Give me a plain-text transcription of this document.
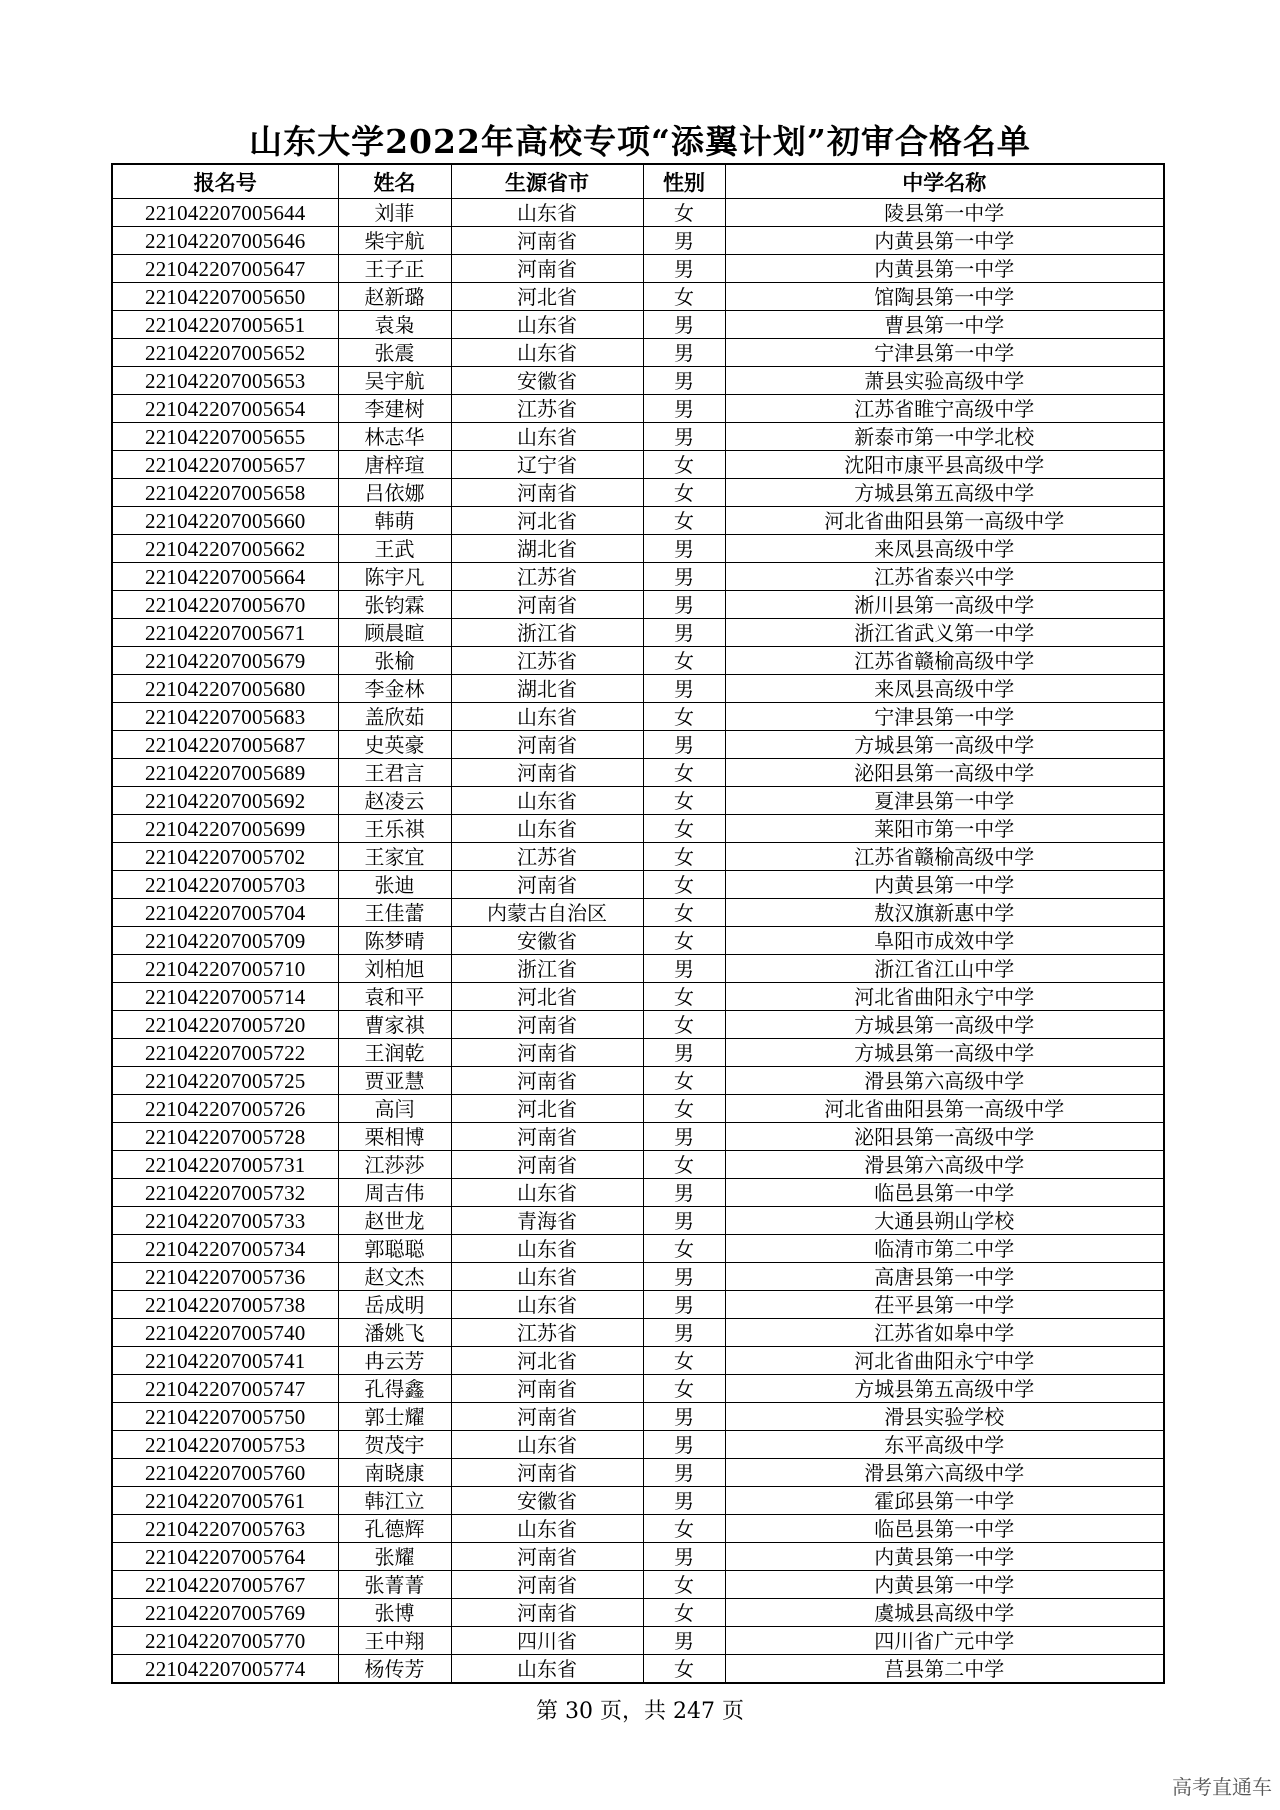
山东大学2022年高校专项“添翼计划”初审合格名单
报名号	姓名	生源省市	性别	中学名称
221042207005644	刘菲	山东省	女	陵县第一中学
221042207005646	柴宇航	河南省	男	内黄县第一中学
221042207005647	王子正	河南省	男	内黄县第一中学
221042207005650	赵新璐	河北省	女	馆陶县第一中学
221042207005651	袁枭	山东省	男	曹县第一中学
221042207005652	张震	山东省	男	宁津县第一中学
221042207005653	吴宇航	安徽省	男	萧县实验高级中学
221042207005654	李建树	江苏省	男	江苏省睢宁高级中学
221042207005655	林志华	山东省	男	新泰市第一中学北校
221042207005657	唐梓瑄	辽宁省	女	沈阳市康平县高级中学
221042207005658	吕依娜	河南省	女	方城县第五高级中学
221042207005660	韩萌	河北省	女	河北省曲阳县第一高级中学
221042207005662	王武	湖北省	男	来凤县高级中学
221042207005664	陈宇凡	江苏省	男	江苏省泰兴中学
221042207005670	张钧霖	河南省	男	淅川县第一高级中学
221042207005671	顾晨暄	浙江省	男	浙江省武义第一中学
221042207005679	张榆	江苏省	女	江苏省赣榆高级中学
221042207005680	李金林	湖北省	男	来凤县高级中学
221042207005683	盖欣茹	山东省	女	宁津县第一中学
221042207005687	史英豪	河南省	男	方城县第一高级中学
221042207005689	王君言	河南省	女	泌阳县第一高级中学
221042207005692	赵凌云	山东省	女	夏津县第一中学
221042207005699	王乐祺	山东省	女	莱阳市第一中学
221042207005702	王家宜	江苏省	女	江苏省赣榆高级中学
221042207005703	张迪	河南省	女	内黄县第一中学
221042207005704	王佳蕾	内蒙古自治区	女	敖汉旗新惠中学
221042207005709	陈梦晴	安徽省	女	阜阳市成效中学
221042207005710	刘柏旭	浙江省	男	浙江省江山中学
221042207005714	袁和平	河北省	女	河北省曲阳永宁中学
221042207005720	曹家祺	河南省	女	方城县第一高级中学
221042207005722	王润乾	河南省	男	方城县第一高级中学
221042207005725	贾亚慧	河南省	女	滑县第六高级中学
221042207005726	高闫	河北省	女	河北省曲阳县第一高级中学
221042207005728	栗相博	河南省	男	泌阳县第一高级中学
221042207005731	江莎莎	河南省	女	滑县第六高级中学
221042207005732	周吉伟	山东省	男	临邑县第一中学
221042207005733	赵世龙	青海省	男	大通县朔山学校
221042207005734	郭聪聪	山东省	女	临清市第二中学
221042207005736	赵文杰	山东省	男	高唐县第一中学
221042207005738	岳成明	山东省	男	茌平县第一中学
221042207005740	潘姚飞	江苏省	男	江苏省如皋中学
221042207005741	冉云芳	河北省	女	河北省曲阳永宁中学
221042207005747	孔得鑫	河南省	女	方城县第五高级中学
221042207005750	郭士耀	河南省	男	滑县实验学校
221042207005753	贺茂宇	山东省	男	东平高级中学
221042207005760	南晓康	河南省	男	滑县第六高级中学
221042207005761	韩江立	安徽省	男	霍邱县第一中学
221042207005763	孔德辉	山东省	女	临邑县第一中学
221042207005764	张耀	河南省	男	内黄县第一中学
221042207005767	张菁菁	河南省	女	内黄县第一中学
221042207005769	张博	河南省	女	虞城县高级中学
221042207005770	王中翔	四川省	男	四川省广元中学
221042207005774	杨传芳	山东省	女	莒县第二中学
第 30 页，共 247 页
高考直通车
